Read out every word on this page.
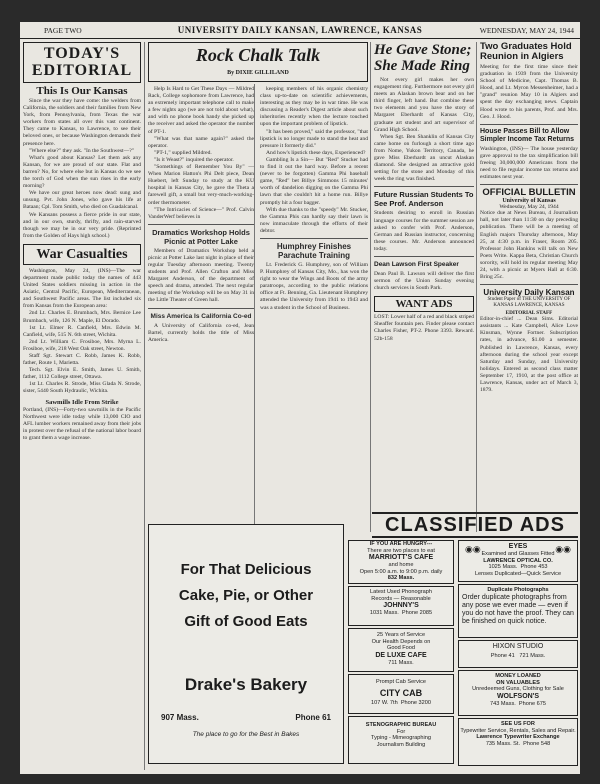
PAGE TWO	UNIVERSITY DAILY KANSAN, LAWRENCE, KANSAS	WEDNESDAY, MAY 24, 1944
TODAY'S
EDITORIAL
This Is Our Kansas

Since the war they have come: the welders from California, the soldiers and their families from New York, from Pennsylvania, from Texas the war workers from states all over this vast continent. They came to Kansas, to Lawrence, to see their beloved ones, or because Washington demands their presence here.

"Where else?" they ask. "In the Southwest—?"

What's good about Kansas? Let them ask any Kansan, for we are proud of our state. Flat and barren? No, for where else but in Kansas do we see the torch of God when the sun rises in the early morning?

We have our great heroes now dead: sung and unsung. Pvt. John Jones, who gave his life at Bataan; Cpl. Tom Smith, who died on Guadalcanal.

We Kansans possess a fierce pride in our state, and in our own, sturdy, thrifty, and rain-starved though we may be in our very pride. (Reprinted from the Golden of Hays high school.)

War Casualties

Washington, May 24, (INS)—The war department made public today the names of 443 United States soldiers missing in action in the Asiatic, Central Pacific, European, Mediterranean, and Southwest Pacific areas. The list included six from Kansas from the European area:

2nd Lt. Charles E. Brumbach, Mrs. Bernice Lee Brumbach, wife, 126 N. Maple, El Dorado.

1st Lt. Elmer R. Canfield, Mrs. Edwin M. Canfield, wife, 515 N. 6th street, Wichita.

2nd Lt. William C. Frosiboe, Mrs. Myrna L. Frosiboe, wife, 218 West Oak street, Newton.

Staff Sgt. Stewart C. Robb, James K. Robb, father, Route 1, Marietta.

Tech. Sgt. Elvin E. Smith, James U. Smith, father, 1112 College street, Ottawa.

1st Lt. Charles R. Strode, Miss Glada N. Strode, sister, 5440 South Hydraulic, Wichita.

Sawmills Idle From Strike
Portland, (INS)—Forty-two sawmills in the Pacific Northwest were idle today while 13,000 CIO and AFL lumber workers remained away from their jobs in protest over the refusal of the national labor board to grant them a wage increase.
Rock Chalk Talk
By DIXIE GILLILAND

Help Is Hard to Get These Days — Mildred Rack, College sophomore from Lawrence, had an extremely important telephone call to make a few nights ago (we are not told about what), and with no phone book handy she picked up the receiver and asked the operator the number of PT-1.

"What was that name again?" asked the operator.

"PT-1," supplied Mildred.

"Is it Weast?" inquired the operator.

"Somethings of Remember You By" — When Marion Hatton's Phi Delt piece, Dean Huebert, left Sunday to study at the KU hospital in Kansas City, he gave the Theta a farewell gift, a small but very-much-working-order thermometer.

"The Intricacies of Science—" Prof. Calvin VanderWerf believes in

Dramatics Workshop Holds Picnic at Potter Lake

Members of Dramatics Workshop held a picnic at Potter Lake last night in place of their regular Tuesday afternoon meeting. Twenty students and Prof. Allen Crafton and Miss Margaret Anderson, of the department of speech and drama, attended. The next regular meeting of the Workshop will be on May 31 in the Little Theater of Green hall.

Miss America Is California Co-ed

A University of California co-ed, Jean Bartel, currently holds the title of Miss America.

keeping members of his organic chemistry class up-to-date on scientific achievements, interesting as they may be in war time. He was discussing a Reader's Digest article about such inheritories recently when the lecture touched upon the important problem of lipstick.

"It has been proved," said the professor, "that lipstick is no longer made to stand the heat and pressure it formerly did."

And how's lipstick these days, Experienced?

Gambling Is a Sin— But "Red" Stucker had to find it out the hard way. Before a recent (never to be forgotten) Gamma Phi baseball game, "Red" bet Billye Simmons 15 minutes' worth of dandelion digging on the Gamma Phi lawn that she couldn't hit a home run. Billye promptly hit a four bagger.

With due thanks to the "speedy" Mr. Stucker, the Gamma Phis can hardly say their lawn is now immaculate through the efforts of their debtor.

Humphrey Finishes Parachute Training

Lt. Frederick G. Humphrey, son of William P. Humphrey of Kansas City, Mo., has won the right to wear the Wings and Boots of the army paratroops, according to the public relations office at Ft. Benning, Ga. Lieutenant Humphrey attended the University from 1941 to 1943 and was a student in the School of Business.

He Gave Stone; She Made Ring

Not every girl makes her own engagement ring. Furthermore not every girl meets an Alaskan brown bear and on her third finger, left hand. But combine these two elements and you have the story of Margaret Eberhardt of Kansas City, graduate art student and art supervisor of Grand High School.

When Sgt. Ben Shanklin of Kansas City came home on furlough a short time ago from Nome, Yukon Territory, Canada, he gave Miss Eberhardt an uncut Alaskan diamond. She designed an attractive gold setting for the stone and Monday of this week the ring was finished.

Future Russian Students To See Prof. Anderson
Students desiring to enroll in Russian language courses for the summer session are asked to confer with Prof. Anderson, German and Russian instructor, concerning these courses. Mr. Anderson announced today.
Dean Lawson First Speaker
Dean Paul B. Lawson will deliver the first sermon of the Union Sunday evening church services in South Park.
WANT ADS
LOST: Lower half of a red and black striped Sheaffer fountain pen. Finder please contact Charles Fisher, PT-2. Phone 3393. Reward. 52b-158
Two Graduates Hold Reunion in Algiers
Meeting for the first time since their graduation in 1939 from the University School of Medicine, Capt. Thomas B. Hood, and Lt. Myron Messenheimer, had a "grand" reunion May 10 in Algiers and spent the day exchanging news. Captain Hood wrote to his parents, Prof. and Mrs. Geo. J. Hood.
House Passes Bill to Allow Simpler Income Tax Returns
Washington, (INS)— The house yesterday gave approval to the tax simplification bill freeing 30,000,000 Americans from the need to file regular income tax returns and estimates next year.
OFFICIAL BULLETIN
University of Kansas
Wednesday, May 24, 1944
Notice due at News Bureau, 4 Journalism hall, not later than 11:30 on day preceding publication. There will be a meeting of English majors Thursday afternoon, May 25, at 4:30 p.m. in Fraser, Room 205. Professor John Hankins will talk on New Poets Write. Kappa Beta, Christian Church sorority, will hold its regular meeting May 24, with a picnic at Myers Hall at 6:30. Bring 25c.
University Daily Kansan
Student Paper of THE UNIVERSITY OF KANSAS LAWRENCE, KANSAS
EDITORIAL STAFF
Editor-in-chief ... Dean Sims. Editorial assistants ... Kate Campbell, Alice Love Kinsman, Wynne Fortner. Subscription rates, in advance, $1.00 a semester. Published in Lawrence, Kansas, every afternoon during the school year except Saturday and Sunday, and University holidays. Entered as second class matter September 17, 1910, at the post office at Lawrence, Kansas, under act of March 3, 1879.
CLASSIFIED ADS
For That Delicious
Cake, Pie, or Other
Gift of Good Eats
Drake's Bakery
907 Mass.	Phone 61
The place to go for the Best in Bakes
IF YOU ARE HUNGRY---
There are two places to eat
MARRIOTT'S CAFE
and home
Open 5:00 a.m. to 9:00 p.m. daily
832 Mass.
Latest Used Phonograph
Records — Reasonable
JOHNNY'S
1031 Mass. Phone 2085
25 Years of Service
Our Health Depends on
Good Food
DE LUXE CAFE
711 Mass.
Prompt Cab Service
CITY CAB
107 W. 7th Phone 3200
STENOGRAPHIC BUREAU
For
Typing - Mimeographing
Journalism Building
◉◉	◉◉
EYES
Examined and Glasses Fitted
LAWRENCE OPTICAL CO.
1025 Mass. Phone 453
Lenses Duplicated—Quick Service
Duplicate Photographs
Order duplicate photographs from any pose we ever made — even if you do not have the proof. They can be finished on quick notice.
HIXON STUDIO
Phone 41 721 Mass.
MONEY LOANED
ON VALUABLES
Unredeemed Guns, Clothing for Sale
WOLFSON'S
743 Mass. Phone 675
SEE US FOR
Typewriter Service, Rentals, Sales and Repair.
Lawrence Typewriter Exchange
735 Mass. St. Phone 548
